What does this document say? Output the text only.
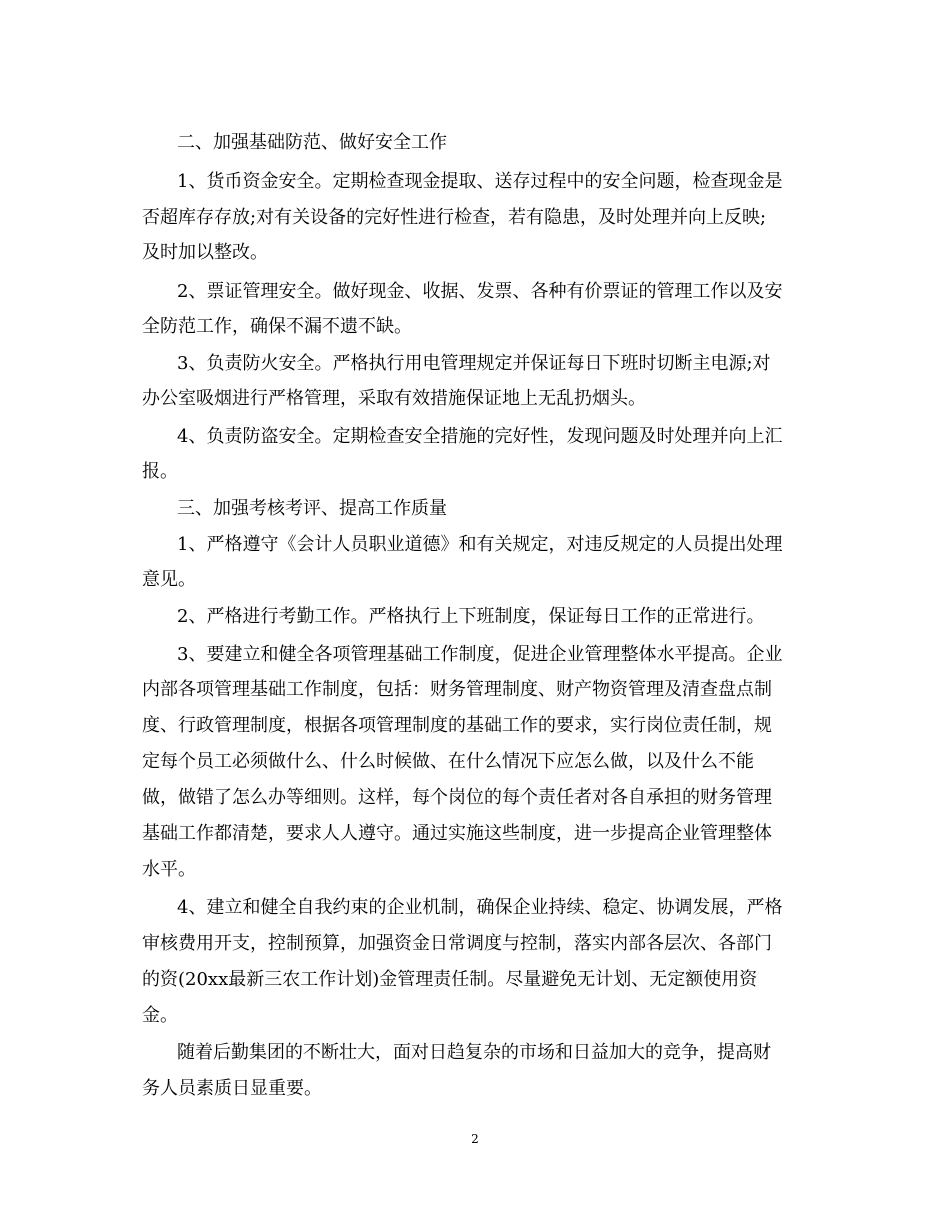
二、加强基础防范、做好安全工作
1、货币资金安全。定期检查现金提取、送存过程中的安全问题，检查现金是
否超库存存放;对有关设备的完好性进行检查，若有隐患，及时处理并向上反映;
及时加以整改。
2、票证管理安全。做好现金、收据、发票、各种有价票证的管理工作以及安
全防范工作，确保不漏不遗不缺。
3、负责防火安全。严格执行用电管理规定并保证每日下班时切断主电源;对
办公室吸烟进行严格管理，采取有效措施保证地上无乱扔烟头。
4、负责防盗安全。定期检查安全措施的完好性，发现问题及时处理并向上汇
报。
三、加强考核考评、提高工作质量
1、严格遵守《会计人员职业道德》和有关规定，对违反规定的人员提出处理
意见。
2、严格进行考勤工作。严格执行上下班制度，保证每日工作的正常进行。
3、要建立和健全各项管理基础工作制度，促进企业管理整体水平提高。企业
内部各项管理基础工作制度，包括：财务管理制度、财产物资管理及清查盘点制
度、行政管理制度，根据各项管理制度的基础工作的要求，实行岗位责任制，规
定每个员工必须做什么、什么时候做、在什么情况下应怎么做，以及什么不能
做，做错了怎么办等细则。这样，每个岗位的每个责任者对各自承担的财务管理
基础工作都清楚，要求人人遵守。通过实施这些制度，进一步提高企业管理整体
水平。
4、建立和健全自我约束的企业机制，确保企业持续、稳定、协调发展，严格
审核费用开支，控制预算，加强资金日常调度与控制，落实内部各层次、各部门
的资(20xx最新三农工作计划)金管理责任制。尽量避免无计划、无定额使用资
金。
随着后勤集团的不断壮大，面对日趋复杂的市场和日益加大的竞争，提高财
务人员素质日显重要。
2
